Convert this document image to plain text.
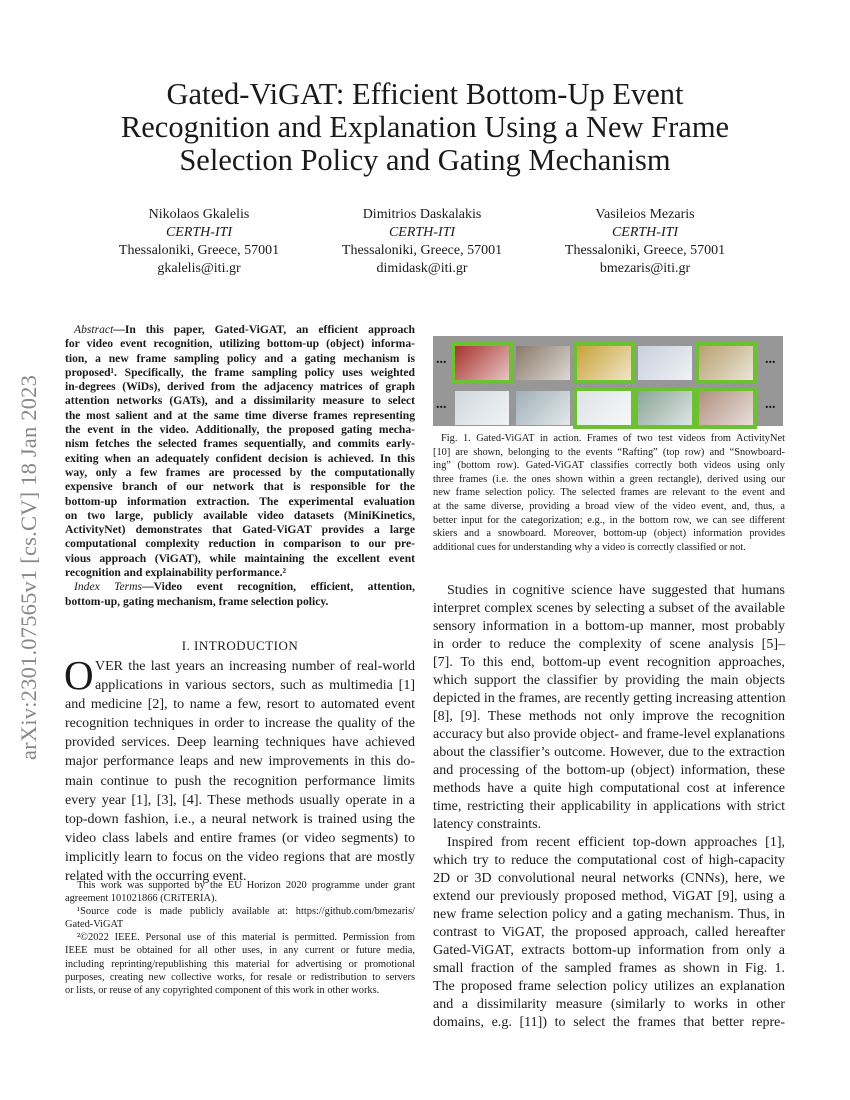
Gated-ViGAT: Efficient Bottom-Up Event
Recognition and Explanation Using a New Frame
Selection Policy and Gating Mechanism
Nikolaos Gkalelis
CERTH-ITI
Thessaloniki, Greece, 57001
gkalelis@iti.gr
Dimitrios Daskalakis
CERTH-ITI
Thessaloniki, Greece, 57001
dimidask@iti.gr
Vasileios Mezaris
CERTH-ITI
Thessaloniki, Greece, 57001
bmezaris@iti.gr
arXiv:2301.07565v1 [cs.CV] 18 Jan 2023
Abstract—In this paper, Gated-ViGAT, an efficient approach
for video event recognition, utilizing bottom-up (object) informa-
tion, a new frame sampling policy and a gating mechanism is
proposed¹. Specifically, the frame sampling policy uses weighted
in-degrees (WiDs), derived from the adjacency matrices of graph
attention networks (GATs), and a dissimilarity measure to select
the most salient and at the same time diverse frames representing
the event in the video. Additionally, the proposed gating mecha-
nism fetches the selected frames sequentially, and commits early-
exiting when an adequately confident decision is achieved. In this
way, only a few frames are processed by the computationally
expensive branch of our network that is responsible for the
bottom-up information extraction. The experimental evaluation
on two large, publicly available video datasets (MiniKinetics,
ActivityNet) demonstrates that Gated-ViGAT provides a large
computational complexity reduction in comparison to our pre-
vious approach (ViGAT), while maintaining the excellent event
recognition and explainability performance.²
Index Terms—Video event recognition, efficient, attention,
bottom-up, gating mechanism, frame selection policy.
I. INTRODUCTION
O VER the last years an increasing number of real-world
applications in various sectors, such as multimedia [1]
and medicine [2], to name a few, resort to automated event
recognition techniques in order to increase the quality of the
provided services. Deep learning techniques have achieved
major performance leaps and new improvements in this do-
main continue to push the recognition performance limits
every year [1], [3], [4]. These methods usually operate in a
top-down fashion, i.e., a neural network is trained using the
video class labels and entire frames (or video segments) to
implicitly learn to focus on the video regions that are mostly
related with the occurring event.
This work was supported by the EU Horizon 2020 programme under grant
agreement 101021866 (CRiTERIA).
¹Source code is made publicly available at: https://github.com/bmezaris/
Gated-ViGAT
²©2022 IEEE. Personal use of this material is permitted. Permission from
IEEE must be obtained for all other uses, in any current or future media,
including reprinting/republishing this material for advertising or promotional
purposes, creating new collective works, for resale or redistribution to servers
or lists, or reuse of any copyrighted component of this work in other works.
...	...
...	...
Fig. 1. Gated-ViGAT in action. Frames of two test videos from ActivityNet
[10] are shown, belonging to the events “Rafting” (top row) and “Snowboard-
ing” (bottom row). Gated-ViGAT classifies correctly both videos using only
three frames (i.e. the ones shown within a green rectangle), derived using our
new frame selection policy. The selected frames are relevant to the event and
at the same diverse, providing a broad view of the video event, and, thus, a
better input for the categorization; e.g., in the bottom row, we can see different
skiers and a snowboard. Moreover, bottom-up (object) information provides
additional cues for understanding why a video is correctly classified or not.
Studies in cognitive science have suggested that humans
interpret complex scenes by selecting a subset of the available
sensory information in a bottom-up manner, most probably
in order to reduce the complexity of scene analysis [5]–
[7]. To this end, bottom-up event recognition approaches,
which support the classifier by providing the main objects
depicted in the frames, are recently getting increasing attention
[8], [9]. These methods not only improve the recognition
accuracy but also provide object- and frame-level explanations
about the classifier’s outcome. However, due to the extraction
and processing of the bottom-up (object) information, these
methods have a quite high computational cost at inference
time, restricting their applicability in applications with strict
latency constraints.
Inspired from recent efficient top-down approaches [1],
which try to reduce the computational cost of high-capacity
2D or 3D convolutional neural networks (CNNs), here, we
extend our previously proposed method, ViGAT [9], using a
new frame selection policy and a gating mechanism. Thus, in
contrast to ViGAT, the proposed approach, called hereafter
Gated-ViGAT, extracts bottom-up information from only a
small fraction of the sampled frames as shown in Fig. 1.
The proposed frame selection policy utilizes an explanation
and a dissimilarity measure (similarly to works in other
domains, e.g. [11]) to select the frames that better repre-
